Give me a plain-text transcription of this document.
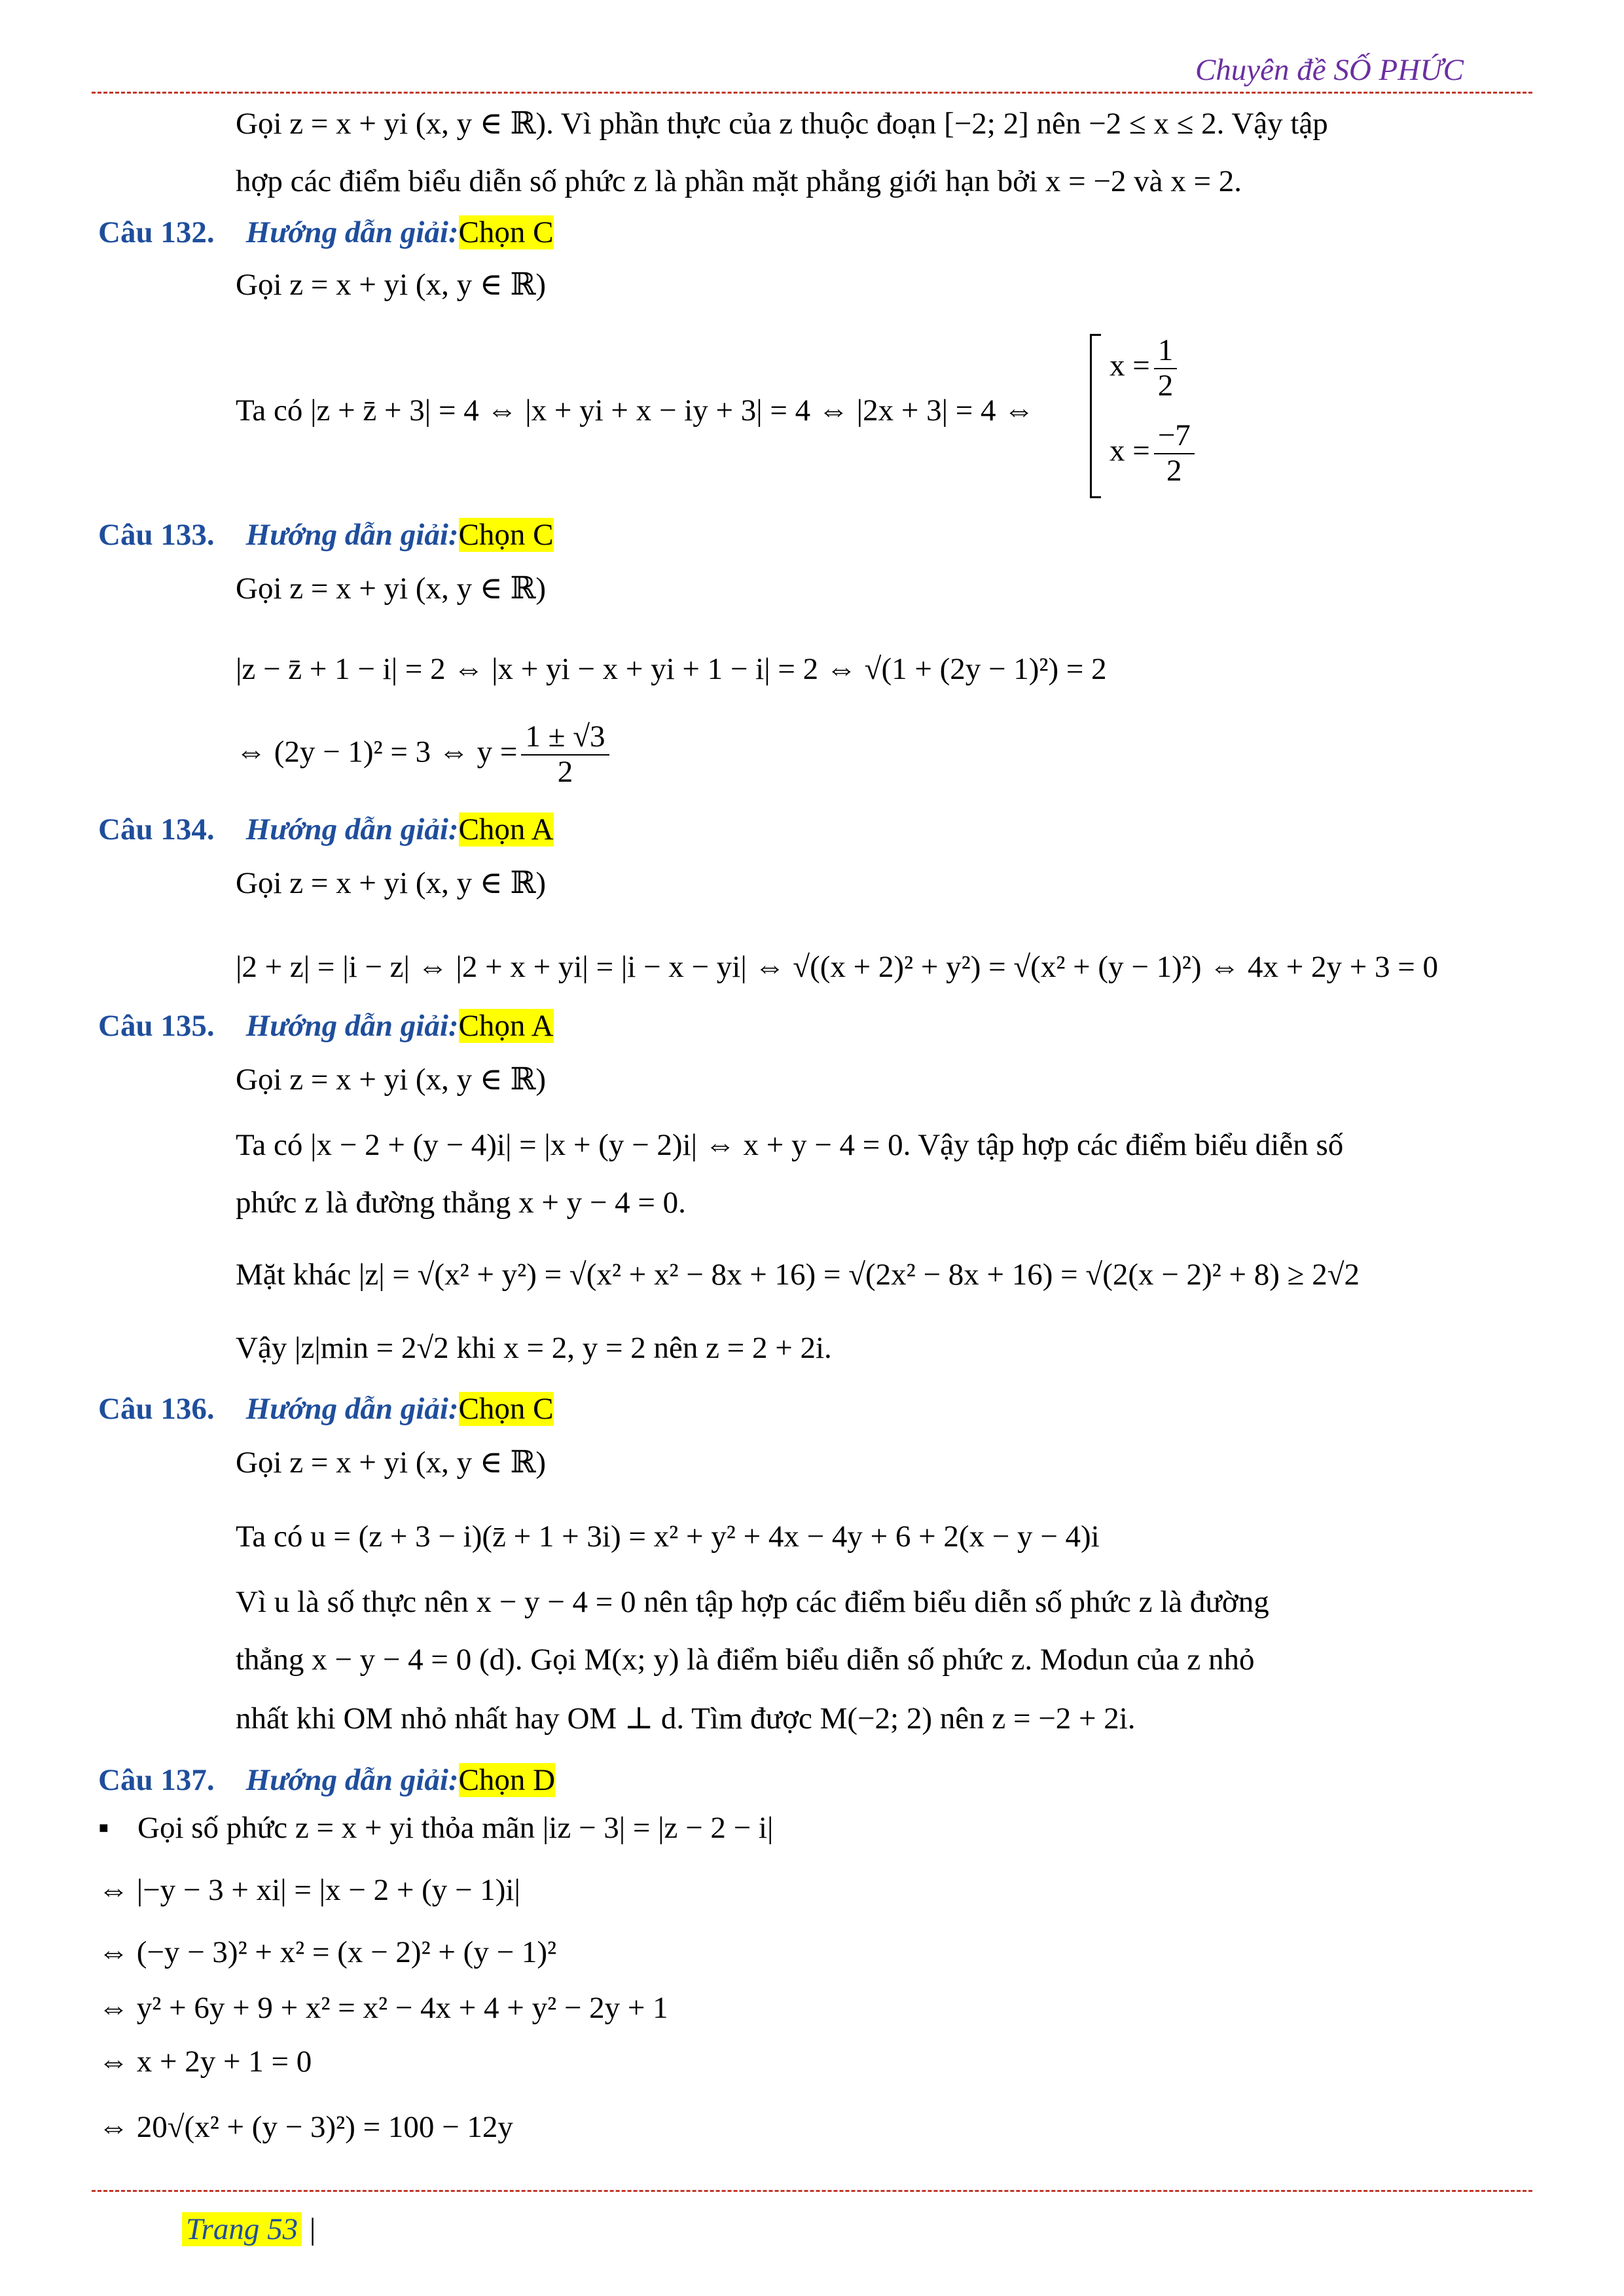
Chuyên đề SỐ PHỨC
Gọi z = x + yi (x, y ∈ ℝ). Vì phần thực của z thuộc đoạn [−2; 2] nên −2 ≤ x ≤ 2. Vậy tập
hợp các điểm biểu diễn số phức z là phần mặt phẳng giới hạn bởi x = −2 và x = 2.
Câu 132. Hướng dẫn giải:Chọn C
Gọi z = x + yi (x, y ∈ ℝ)
Ta có |z + z̄ + 3| = 4 ⇔ |x + yi + x − iy + 3| = 4 ⇔ |2x + 3| = 4 ⇔
$x = \frac{1}{2}$
$x = \frac{-7}{2}$
Câu 133. Hướng dẫn giải:Chọn C
Gọi z = x + yi (x, y ∈ ℝ)
|z − z̄ + 1 − i| = 2 ⇔ |x + yi − x + yi + 1 − i| = 2 ⇔ √(1 + (2y − 1)²) = 2
⇔ (2y − 1)² = 3 ⇔ $y = \frac{1 \pm √3}{2}$
Câu 134. Hướng dẫn giải:Chọn A
Gọi z = x + yi (x, y ∈ ℝ)
|2 + z| = |i − z| ⇔ |2 + x + yi| = |i − x − yi| ⇔ √((x + 2)² + y²) = √(x² + (y − 1)²) ⇔ 4x + 2y + 3 = 0
Câu 135. Hướng dẫn giải:Chọn A
Gọi z = x + yi (x, y ∈ ℝ)
Ta có |x − 2 + (y − 4)i| = |x + (y − 2)i| ⇔ x + y − 4 = 0. Vậy tập hợp các điểm biểu diễn số
phức z là đường thẳng x + y − 4 = 0.
Mặt khác |z| = √(x² + y²) = √(x² + x² − 8x + 16) = √(2x² − 8x + 16) = √(2(x − 2)² + 8) ≥ 2√2
Vậy |z|min = 2√2 khi x = 2, y = 2 nên z = 2 + 2i.
Câu 136. Hướng dẫn giải:Chọn C
Gọi z = x + yi (x, y ∈ ℝ)
Ta có u = (z + 3 − i)(z̄ + 1 + 3i) = x² + y² + 4x − 4y + 6 + 2(x − y − 4)i
Vì u là số thực nên x − y − 4 = 0 nên tập hợp các điểm biểu diễn số phức z là đường
thẳng x − y − 4 = 0 (d). Gọi M(x; y) là điểm biểu diễn số phức z. Modun của z nhỏ
nhất khi OM nhỏ nhất hay OM ⊥ d. Tìm được M(−2; 2) nên z = −2 + 2i.
Câu 137. Hướng dẫn giải:Chọn D
▪ Gọi số phức z = x + yi thỏa mãn |iz − 3| = |z − 2 − i|
⇔ |−y − 3 + xi| = |x − 2 + (y − 1)i|
⇔ (−y − 3)² + x² = (x − 2)² + (y − 1)²
⇔ y² + 6y + 9 + x² = x² − 4x + 4 + y² − 2y + 1
⇔ x + 2y + 1 = 0
⇔ 20√(x² + (y − 3)²) = 100 − 12y
Trang 53 |
